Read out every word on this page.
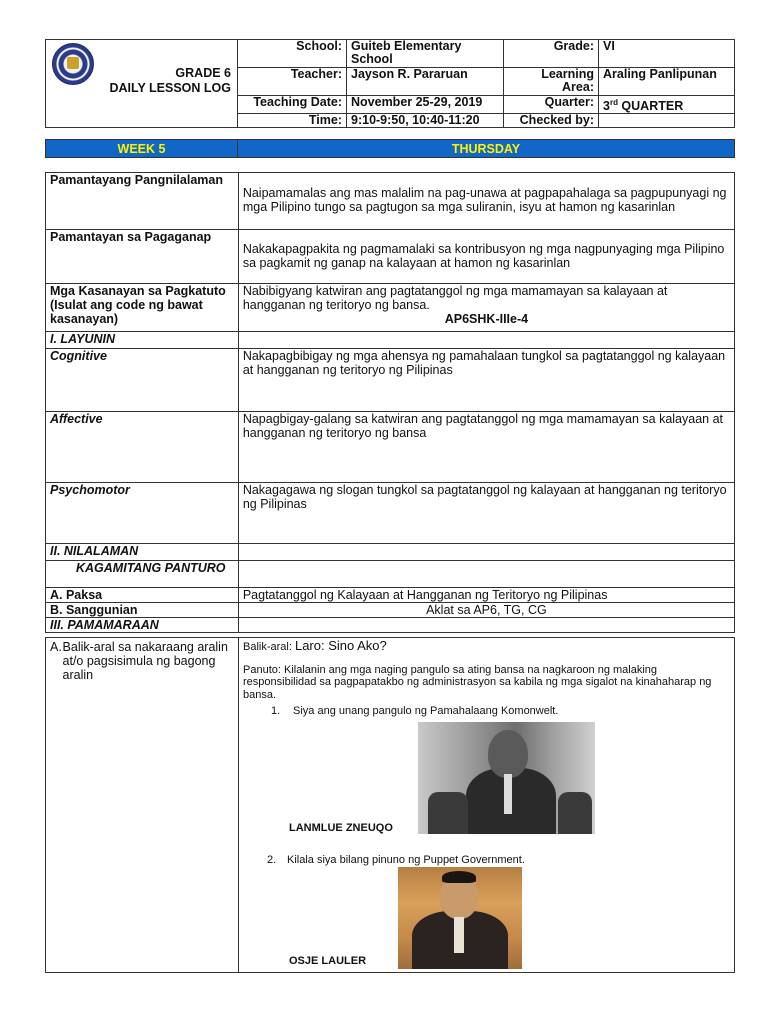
GRADE 6
DAILY LESSON LOG	School:	Guiteb Elementary School	Grade:	VI
	Teacher:	Jayson R. Pararuan	Learning Area:	Araling Panlipunan
	Teaching Date:	November 25-29, 2019	Quarter:	3rd QUARTER
	Time:	9:10-9:50, 10:40-11:20	Checked by:	
WEEK 5	THURSDAY
Pamantayang Pangnilalaman	Naipamamalas ang mas malalim na pag-unawa at pagpapahalaga sa pagpupunyagi ng mga Pilipino tungo sa pagtugon sa mga suliranin, isyu at hamon ng kasarinlan

Pamantayan sa Pagaganap	Nakakapagpakita ng pagmamalaki sa kontribusyon ng mga nagpunyaging mga Pilipino sa pagkamit ng ganap na kalayaan at hamon ng kasarinlan

Mga Kasanayan sa Pagkatuto (Isulat ang code ng bawat kasanayan)	Nabibigyang katwiran ang pagtatanggol ng mga mamamayan sa kalayaan at hangganan ng teritoryo ng bansa.
AP6SHK-IIIe-4

I. LAYUNIN	
Cognitive	Nakapagbibigay ng mga ahensya ng pamahalaan tungkol sa pagtatanggol ng kalayaan at hangganan ng teritoryo ng Pilipinas
Affective	Napagbigay-galang sa katwiran ang pagtatanggol ng mga mamamayan sa kalayaan at hangganan ng teritoryo ng bansa
Psychomotor	Nakagagawa ng slogan tungkol sa pagtatanggol ng kalayaan at hangganan ng teritoryo ng Pilipinas
II. NILALAMAN	

KAGAMITANG PANTURO	

A. Paksa	Pagtatanggol ng Kalayaan at Hangganan ng Teritoryo ng Pilipinas
B. Sanggunian	Aklat sa AP6, TG, CG
III. PAMAMARAAN	
A. Balik-aral sa nakaraang aralin at/o pagsisimula ng bagong aralin

Balik-aral: Laro: Sino Ako?
Panuto: Kilalanin ang mga naging pangulo sa ating bansa na nagkaroon ng malaking responsibilidad sa pagpapatakbo ng administrasyon sa kabila ng mga sigalot na kinahaharap ng bansa.
1.	Siya ang unang pangulo ng Pamahalaang Komonwelt.
LANMLUE ZNEUQO
2. Kilala siya bilang pinuno ng Puppet Government.
OSJE LAULER
